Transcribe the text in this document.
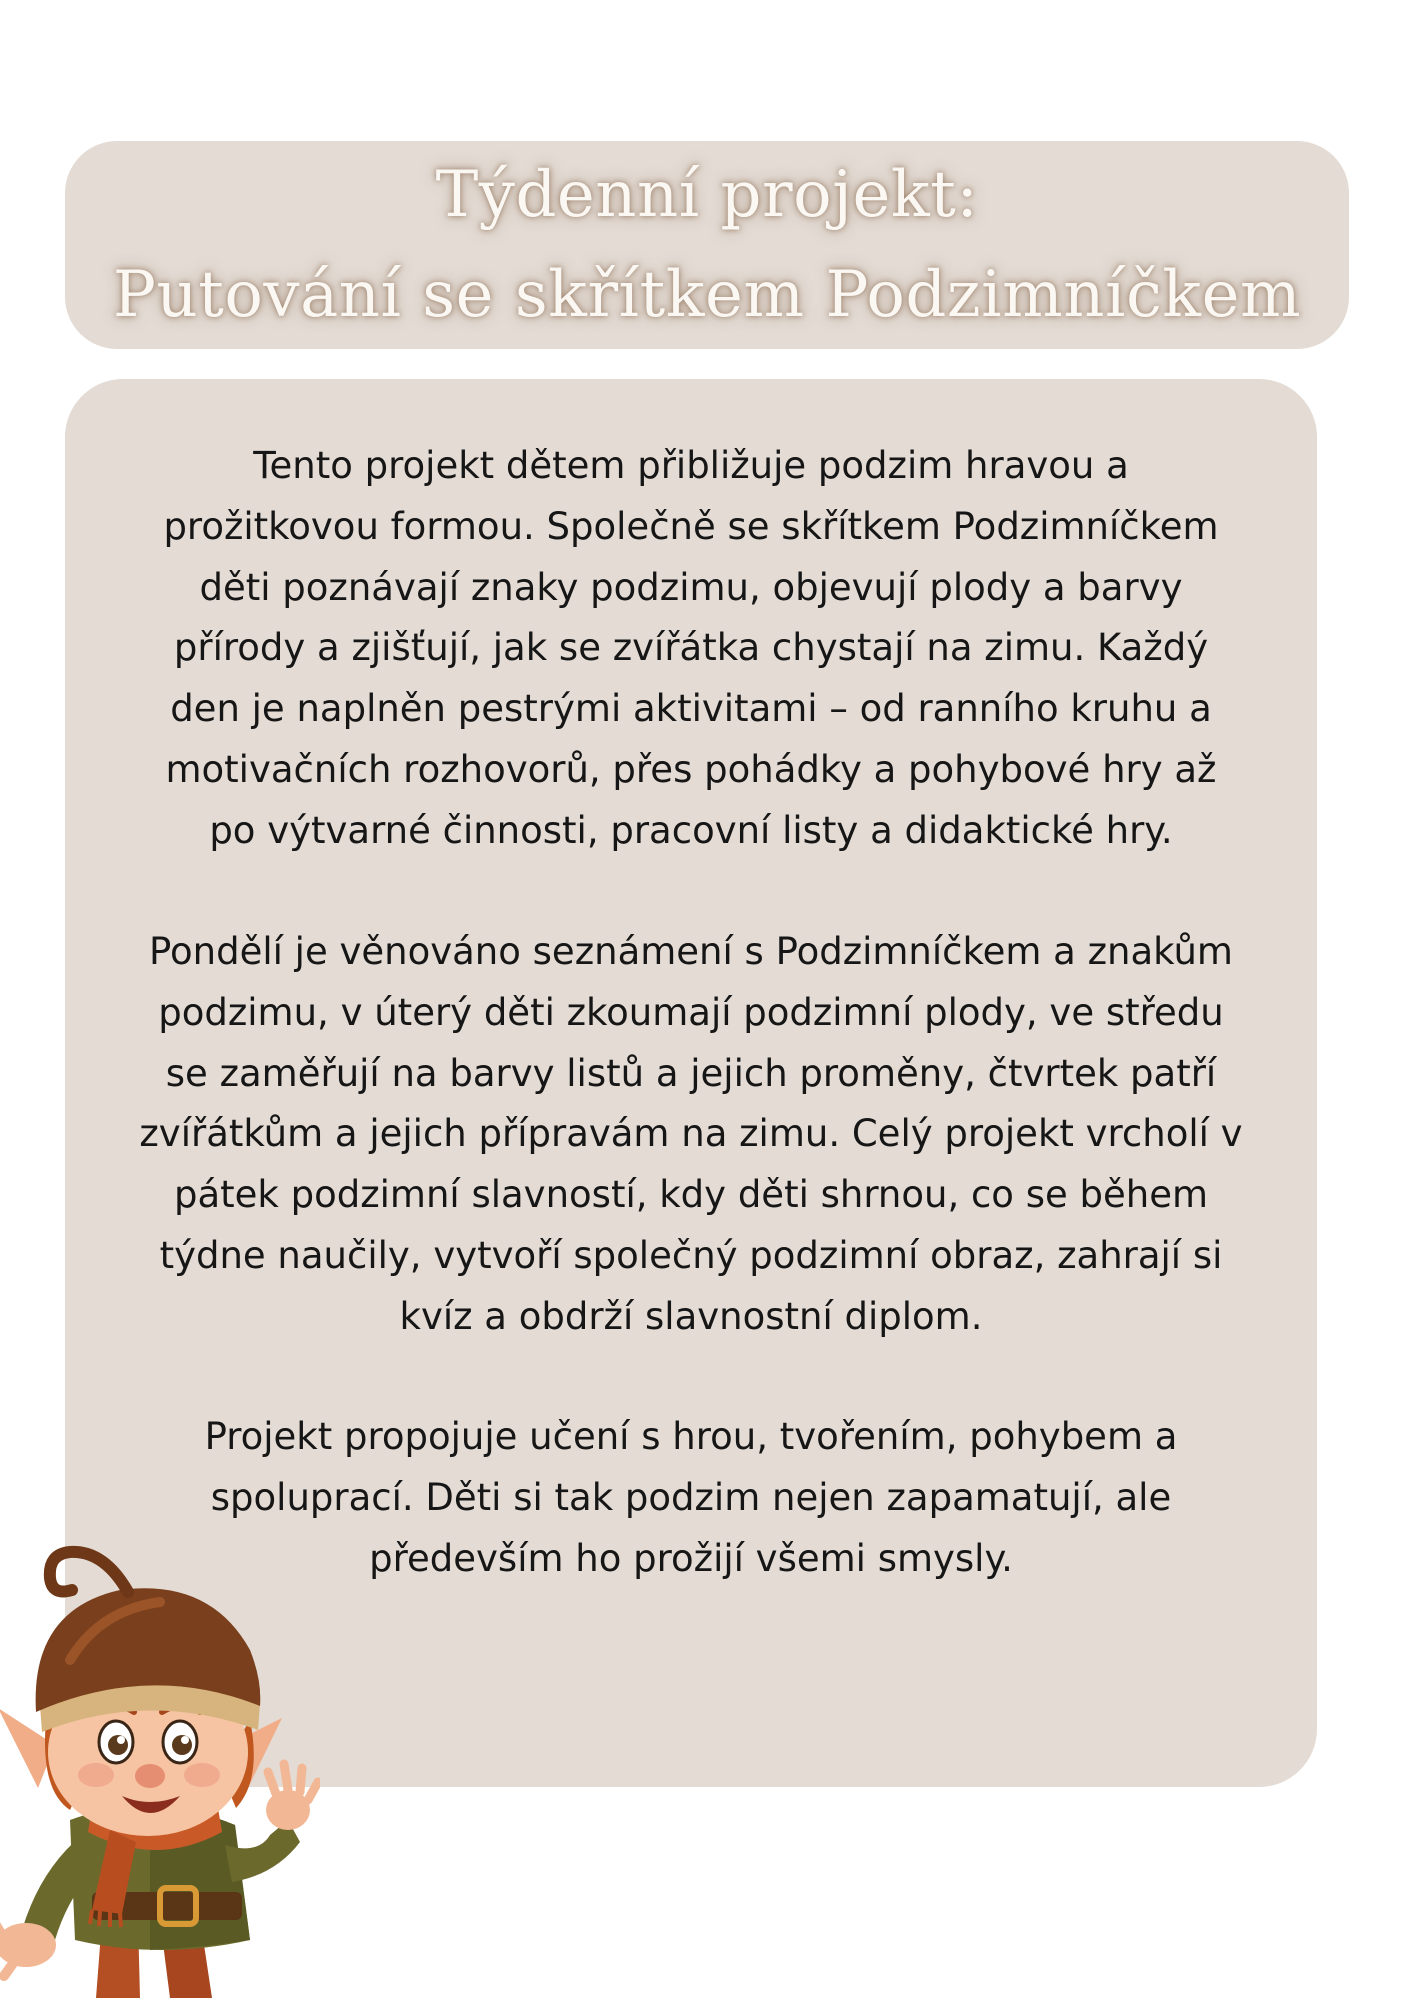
Týdenní projekt:
Putování se skřítkem Podzimníčkem
Tento projekt dětem přibližuje podzim hravou a
prožitkovou formou. Společně se skřítkem Podzimníčkem
děti poznávají znaky podzimu, objevují plody a barvy
přírody a zjišťují, jak se zvířátka chystají na zimu. Každý
den je naplněn pestrými aktivitami – od ranního kruhu a
motivačních rozhovorů, přes pohádky a pohybové hry až
po výtvarné činnosti, pracovní listy a didaktické hry.
Pondělí je věnováno seznámení s Podzimníčkem a znakům
podzimu, v úterý děti zkoumají podzimní plody, ve středu
se zaměřují na barvy listů a jejich proměny, čtvrtek patří
zvířátkům a jejich přípravám na zimu. Celý projekt vrcholí v
pátek podzimní slavností, kdy děti shrnou, co se během
týdne naučily, vytvoří společný podzimní obraz, zahrají si
kvíz a obdrží slavnostní diplom.
Projekt propojuje učení s hrou, tvořením, pohybem a
spoluprací. Děti si tak podzim nejen zapamatují, ale
především ho prožijí všemi smysly.
